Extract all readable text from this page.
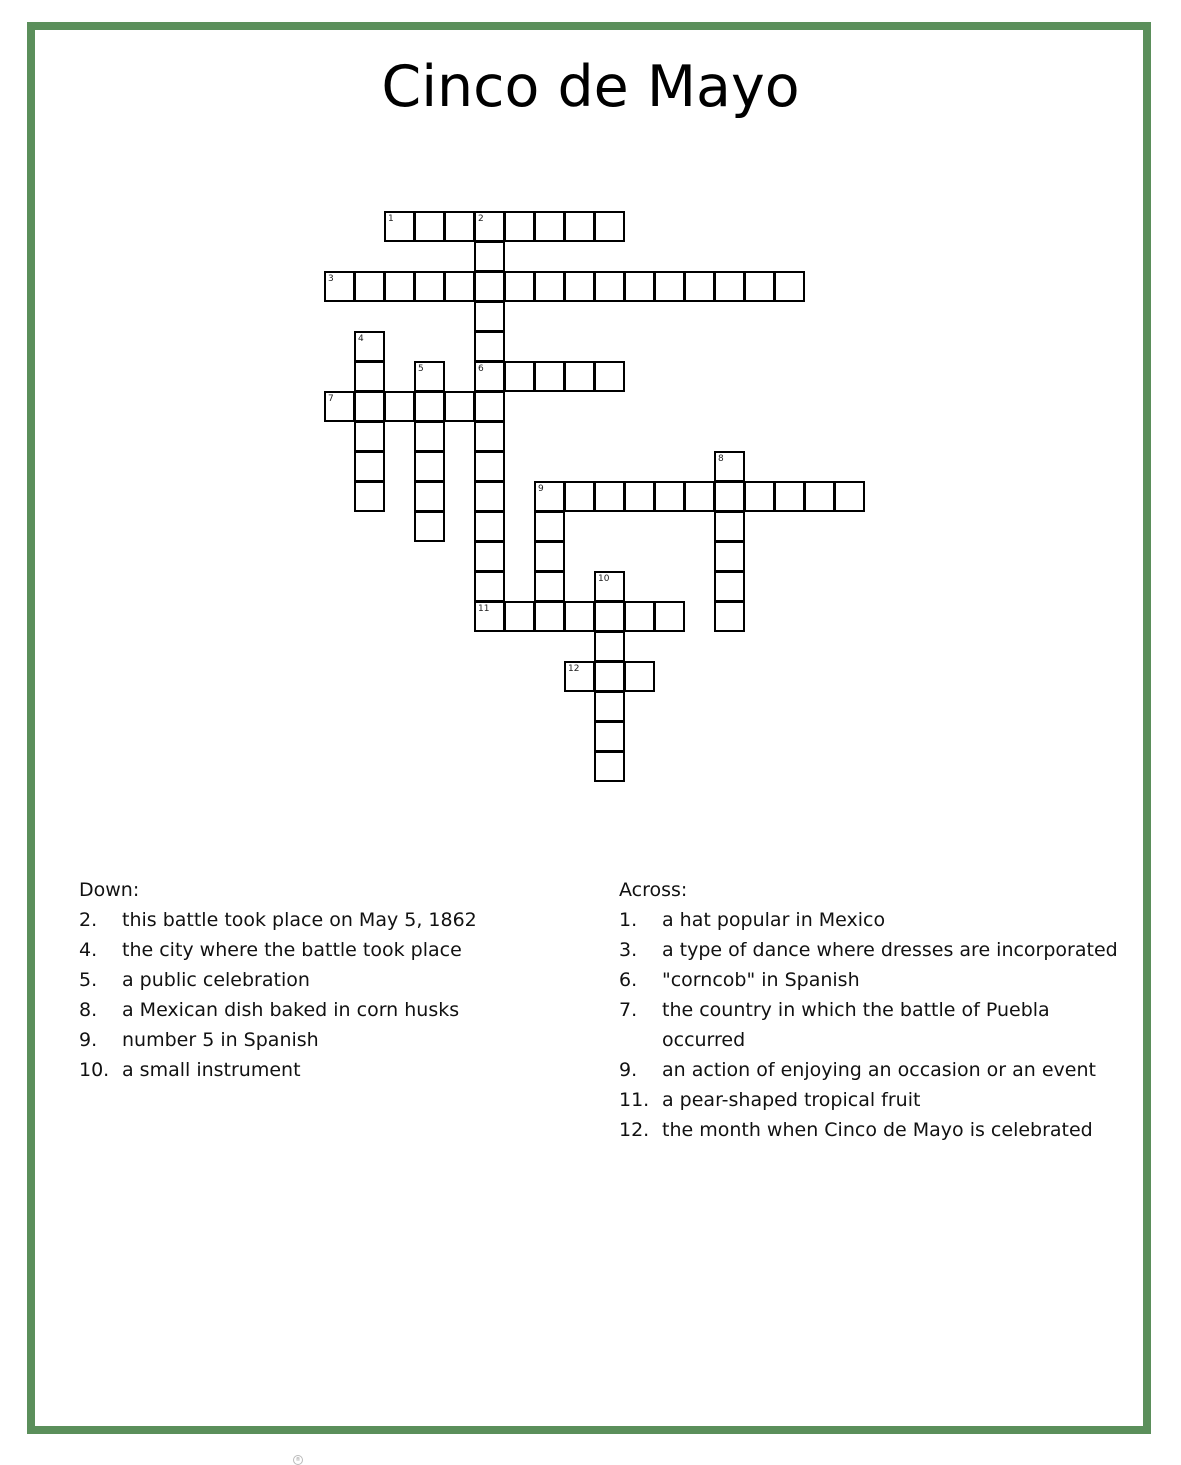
Cinco de Mayo
1	2
6
11
3
4
5
7
8
9
10
12
Down:
2.	this battle took place on May 5, 1862
4.	the city where the battle took place
5.	a public celebration
8.	a Mexican dish baked in corn husks
9.	number 5 in Spanish
10. a small instrument
Across:
1.	a hat popular in Mexico
3.	a type of dance where dresses are incorporated
6.	"corncob" in Spanish
7.	the country in which the battle of Puebla occurred
9.	an action of enjoying an occasion or an event
11. a pear-shaped tropical fruit
12. the month when Cinco de Mayo is celebrated
®
